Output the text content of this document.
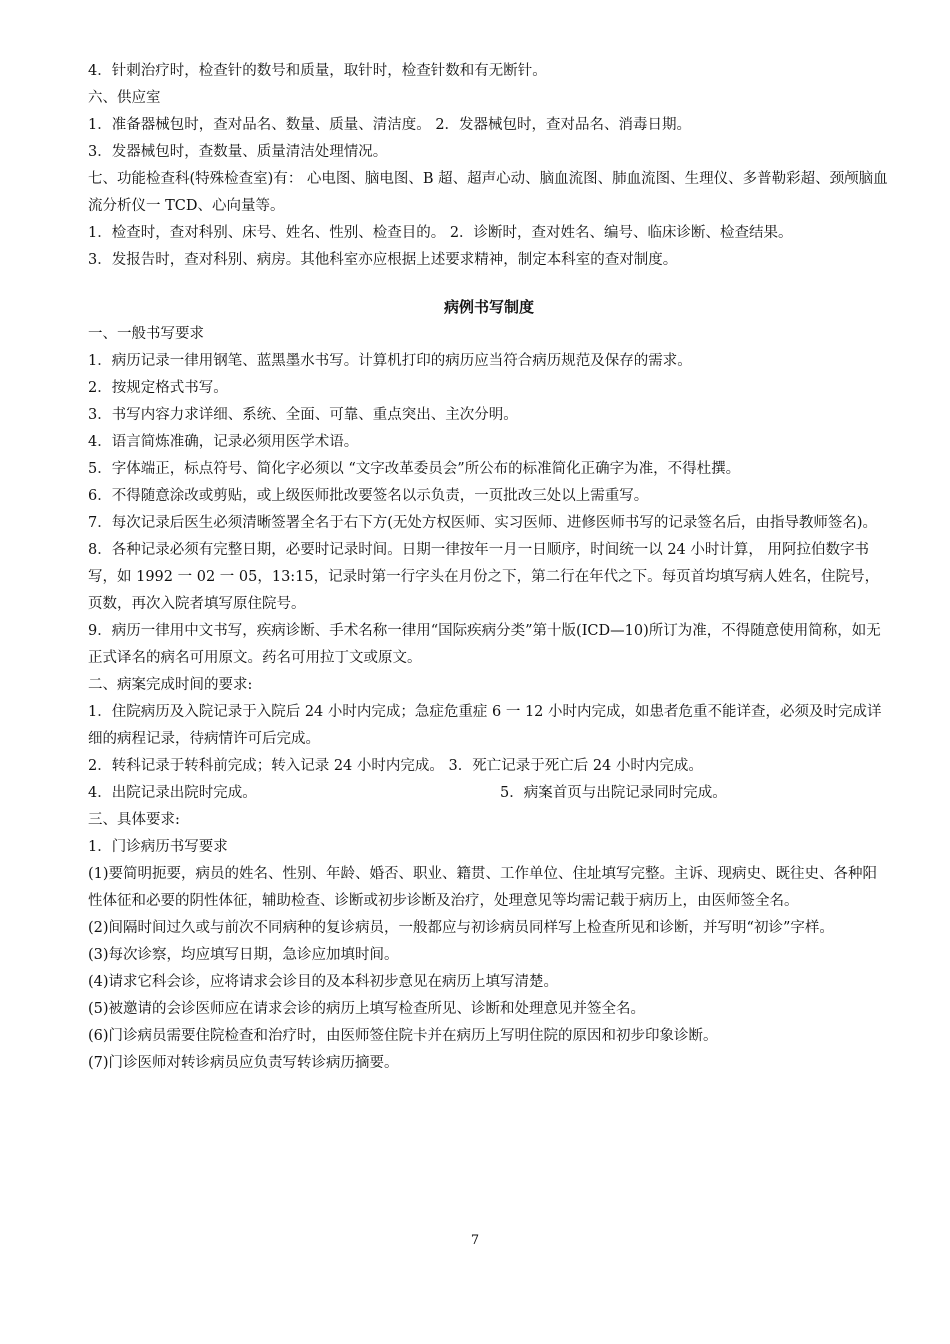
4．针刺治疗时，检查针的数号和质量，取针时，检查针数和有无断针。

六、供应室

1．准备器械包时，查对品名、数量、质量、清洁度。 2．发器械包时，查对品名、消毒日期。

3．发器械包时，查数量、质量清洁处理情况。

七、功能检查科(特殊检查室)有： 心电图、脑电图、B 超、超声心动、脑血流图、肺血流图、生理仪、多普勒彩超、颈颅脑血流分析仪一 TCD、心向量等。

1．检查时，查对科别、床号、姓名、性别、检查目的。 2．诊断时，查对姓名、编号、临床诊断、检查结果。

3．发报告时，查对科别、病房。其他科室亦应根据上述要求精神，制定本科室的查对制度。

病例书写制度

一、一般书写要求

1．病历记录一律用钢笔、蓝黑墨水书写。计算机打印的病历应当符合病历规范及保存的需求。

2．按规定格式书写。

3．书写内容力求详细、系统、全面、可靠、重点突出、主次分明。

4．语言简炼准确，记录必须用医学术语。

5．字体端正，标点符号、简化字必须以 “文字改革委员会”所公布的标准简化正确字为准，不得杜撰。

6．不得随意涂改或剪贴，或上级医师批改要签名以示负责，一页批改三处以上需重写。

7．每次记录后医生必须清晰签署全名于右下方(无处方权医师、实习医师、进修医师书写的记录签名后，由指导教师签名)。

8．各种记录必须有完整日期，必要时记录时间。日期一律按年一月一日顺序，时间统一以 24 小时计算， 用阿拉伯数字书写，如 1992 一 02 一 05，13:15，记录时第一行字头在月份之下，第二行在年代之下。每页首均填写病人姓名，住院号，页数，再次入院者填写原住院号。

9．病历一律用中文书写，疾病诊断、手术名称一律用“国际疾病分类”第十版(ICD—10)所订为准，不得随意使用简称，如无正式译名的病名可用原文。药名可用拉丁文或原文。

二、病案完成时间的要求:

1．住院病历及入院记录于入院后 24 小时内完成；急症危重症 6 一 12 小时内完成，如患者危重不能详查，必须及时完成详细的病程记录，待病情许可后完成。

2．转科记录于转科前完成；转入记录 24 小时内完成。 3．死亡记录于死亡后 24 小时内完成。

4．出院记录出院时完成。	5．病案首页与出院记录同时完成。

三、具体要求:

1．门诊病历书写要求

(1)要简明扼要，病员的姓名、性别、年龄、婚否、职业、籍贯、工作单位、住址填写完整。主诉、现病史、既往史、各种阳性体征和必要的阴性体征，辅助检查、诊断或初步诊断及治疗，处理意见等均需记载于病历上，由医师签全名。

(2)间隔时间过久或与前次不同病种的复诊病员，一般都应与初诊病员同样写上检查所见和诊断，并写明“初诊”字样。

(3)每次诊察，均应填写日期，急诊应加填时间。

(4)请求它科会诊，应将请求会诊目的及本科初步意见在病历上填写清楚。

(5)被邀请的会诊医师应在请求会诊的病历上填写检查所见、诊断和处理意见并签全名。

(6)门诊病员需要住院检查和治疗时，由医师签住院卡并在病历上写明住院的原因和初步印象诊断。

(7)门诊医师对转诊病员应负责写转诊病历摘要。

7
